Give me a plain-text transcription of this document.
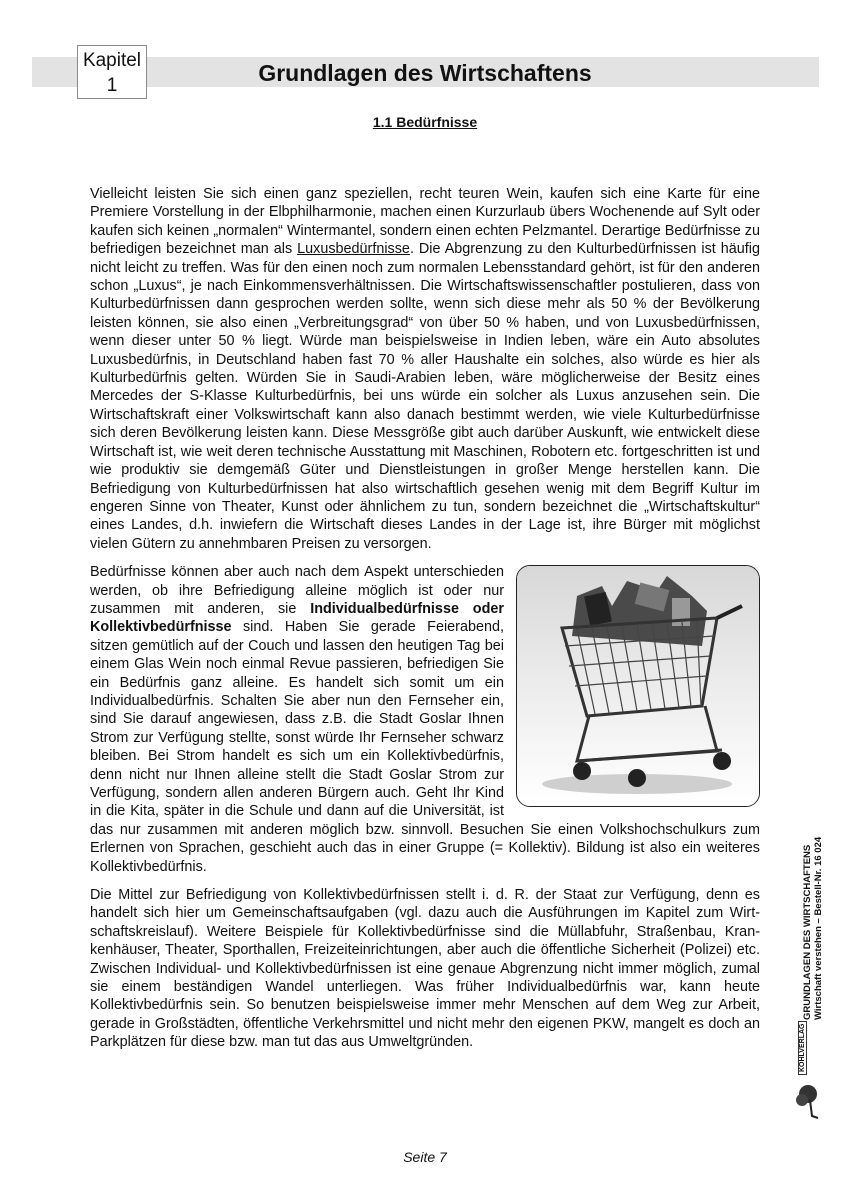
Kapitel
1	Grundlagen des Wirtschaftens
1.1 Bedürfnisse

Vielleicht leisten Sie sich einen ganz speziellen, recht teuren Wein, kaufen sich eine Karte für eine Premiere Vorstellung in der Elbphilharmonie, machen einen Kurzurlaub übers Wochenende auf Sylt oder kaufen sich keinen „normalen“ Wintermantel, sondern einen echten Pelzmantel. Derartige Bedürfnisse zu befriedigen bezeichnet man als Luxusbedürfnisse. Die Abgrenzung zu den Kulturbedürfnissen ist häufig nicht leicht zu treffen. Was für den einen noch zum normalen Lebensstandard gehört, ist für den anderen schon „Luxus“, je nach Einkommensverhältnissen. Die Wirtschaftswissenschaftler postulieren, dass von Kulturbedürfnissen dann gesprochen werden sollte, wenn sich diese mehr als 50 % der Bevölkerung leisten können, sie also einen „Verbreitungsgrad“ von über 50 % haben, und von Luxusbedürfnissen, wenn dieser unter 50 % liegt. Würde man beispielsweise in Indien leben, wäre ein Auto absolutes Luxusbedürfnis, in Deutschland haben fast 70 % aller Haushalte ein solches, also würde es hier als Kulturbedürfnis gelten. Würden Sie in Saudi-Arabien leben, wäre möglicherweise der Besitz eines Mercedes der S-Klasse Kulturbedürfnis, bei uns würde ein solcher als Luxus anzusehen sein. Die Wirtschaftskraft einer Volkswirtschaft kann also danach bestimmt werden, wie viele Kulturbedürfnisse sich deren Bevölkerung leisten kann. Diese Messgröße gibt auch darüber Auskunft, wie entwickelt diese Wirtschaft ist, wie weit deren technische Ausstattung mit Maschinen, Robotern etc. fortgeschritten ist und wie produktiv sie demgemäß Güter und Dienstleistungen in großer Menge herstellen kann. Die Befriedigung von Kulturbedürfnissen hat also wirtschaftlich gesehen wenig mit dem Begriff Kultur im engeren Sinne von Theater, Kunst oder ähnlichem zu tun, sondern bezeichnet die „Wirtschaftskultur“ eines Landes, d.h. inwiefern die Wirtschaft dieses Landes in der Lage ist, ihre Bürger mit möglichst vielen Gütern zu annehmbaren Preisen zu versorgen.

Bedürfnisse können aber auch nach dem Aspekt unterschieden werden, ob ihre Befriedigung alleine möglich ist oder nur zusammen mit anderen, sie Individualbedürfnisse oder Kollektivbedürfnisse sind. Haben Sie gerade Feierabend, sitzen gemütlich auf der Couch und lassen den heutigen Tag bei einem Glas Wein noch einmal Revue passieren, befriedigen Sie ein Bedürfnis ganz alleine. Es handelt sich somit um ein Individualbedürfnis. Schalten Sie aber nun den Fernseher ein, sind Sie darauf angewiesen, dass z.B. die Stadt Goslar Ihnen Strom zur Verfügung stellte, sonst würde Ihr Fernseher schwarz bleiben. Bei Strom handelt es sich um ein Kollektivbedürfnis, denn nicht nur Ihnen alleine stellt die Stadt Goslar Strom zur Verfügung, sondern allen anderen Bürgern auch. Geht Ihr Kind in die Kita, später in die Schule und dann auf die Universität, ist das nur zusammen mit anderen möglich bzw. sinnvoll. Besuchen Sie einen Volkshochschulkurs zum Erlernen von Sprachen, geschieht auch das in einer Gruppe (= Kollektiv). Bildung ist also ein weiteres Kollektivbedürfnis.

Die Mittel zur Befriedigung von Kollektivbedürfnissen stellt i. d. R. der Staat zur Verfügung, denn es handelt sich hier um Gemeinschaftsaufgaben (vgl. dazu auch die Ausführungen im Kapitel zum Wirtschaftskreislauf). Weitere Beispiele für Kollektivbedürfnisse sind die Müllabfuhr, Straßenbau, Krankenhäuser, Theater, Sporthallen, Freizeiteinrichtungen, aber auch die öffentliche Sicherheit (Polizei) etc. Zwischen Individual- und Kollektivbedürfnissen ist eine genaue Abgrenzung nicht immer möglich, zumal sie einem beständigen Wandel unterliegen. Was früher Individualbedürfnis war, kann heute Kollektivbedürfnis sein. So benutzen beispielsweise immer mehr Menschen auf dem Weg zur Arbeit, gerade in Großstädten, öffentliche Verkehrsmittel und nicht mehr den eigenen PKW, mangelt es doch an Parkplätzen für diese bzw. man tut das aus Umweltgründen.

GRUNDLAGEN DES WIRTSCHAFTENS Wirtschaft verstehen – Bestell-Nr. 16 024
KOHLVERLAG
Seite 7
